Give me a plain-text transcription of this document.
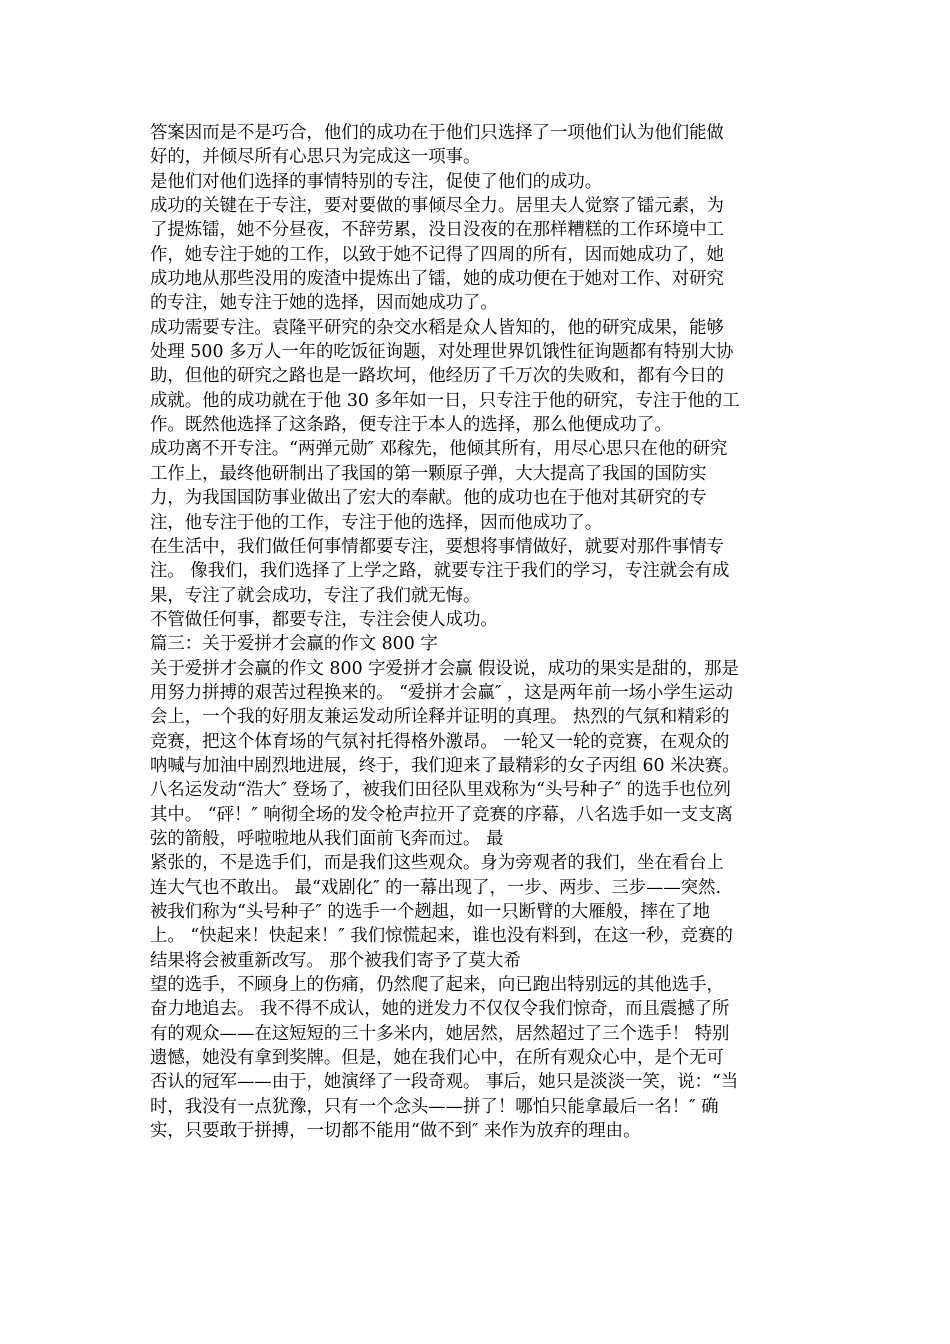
答案因而是不是巧合，他们的成功在于他们只选择了一项他们认为他们能做
好的，并倾尽所有心思只为完成这一项事。
是他们对他们选择的事情特别的专注，促使了他们的成功。
成功的关键在于专注，要对要做的事倾尽全力。居里夫人觉察了镭元素，为
了提炼镭，她不分昼夜，不辞劳累，没日没夜的在那样糟糕的工作环境中工
作，她专注于她的工作，以致于她不记得了四周的所有，因而她成功了，她
成功地从那些没用的废渣中提炼出了镭，她的成功便在于她对工作、对研究
的专注，她专注于她的选择，因而她成功了。
成功需要专注。袁隆平研究的杂交水稻是众人皆知的，他的研究成果，能够
处理 500 多万人一年的吃饭征询题，对处理世界饥饿性征询题都有特别大协
助，但他的研究之路也是一路坎坷，他经历了千万次的失败和，都有今日的
成就。他的成功就在于他 30 多年如一日，只专注于他的研究，专注于他的工
作。既然他选择了这条路，便专注于本人的选择，那么他便成功了。
成功离不开专注。“两弹元勋″ 邓稼先，他倾其所有，用尽心思只在他的研究
工作上，最终他研制出了我国的第一颗原子弹，大大提高了我国的国防实
力，为我国国防事业做出了宏大的奉献。他的成功也在于他对其研究的专
注，他专注于他的工作，专注于他的选择，因而他成功了。
在生活中，我们做任何事情都要专注，要想将事情做好，就要对那件事情专
注。 像我们，我们选择了上学之路，就要专注于我们的学习，专注就会有成
果，专注了就会成功，专注了我们就无悔。
不管做任何事，都要专注，专注会使人成功。
篇三：关于爱拼才会赢的作文 800 字
关于爱拼才会赢的作文 800 字爱拼才会赢 假设说，成功的果实是甜的，那是
用努力拼搏的艰苦过程换来的。 “爱拼才会赢″ ，这是两年前一场小学生运动
会上，一个我的好朋友兼运发动所诠释并证明的真理。 热烈的气氛和精彩的
竞赛，把这个体育场的气氛衬托得格外激昂。 一轮又一轮的竞赛，在观众的
呐喊与加油中剧烈地进展，终于，我们迎来了最精彩的女子丙组 60 米决赛。
八名运发动“浩大″ 登场了，被我们田径队里戏称为“头号种子″ 的选手也位列
其中。 “砰！″ 响彻全场的发令枪声拉开了竞赛的序幕，八名选手如一支支离
弦的箭般，呼啦啦地从我们面前飞奔而过。 最
紧张的，不是选手们，而是我们这些观众。身为旁观者的我们，坐在看台上
连大气也不敢出。 最“戏剧化″ 的一幕出现了，一步、两步、三步——突然.
被我们称为“头号种子″ 的选手一个趔趄，如一只断臂的大雁般，摔在了地
上。 “快起来！快起来！″ 我们惊慌起来，谁也没有料到，在这一秒，竞赛的
结果将会被重新改写。 那个被我们寄予了莫大希
望的选手，不顾身上的伤痛，仍然爬了起来，向已跑出特别远的其他选手，
奋力地追去。 我不得不成认，她的迸发力不仅仅令我们惊奇，而且震撼了所
有的观众——在这短短的三十多米内，她居然，居然超过了三个选手！ 特别
遗憾，她没有拿到奖牌。但是，她在我们心中，在所有观众心中，是个无可
否认的冠军——由于，她演绎了一段奇观。 事后，她只是淡淡一笑，说：“当
时，我没有一点犹豫，只有一个念头——拼了！哪怕只能拿最后一名！″ 确
实，只要敢于拼搏，一切都不能用“做不到″ 来作为放弃的理由。
